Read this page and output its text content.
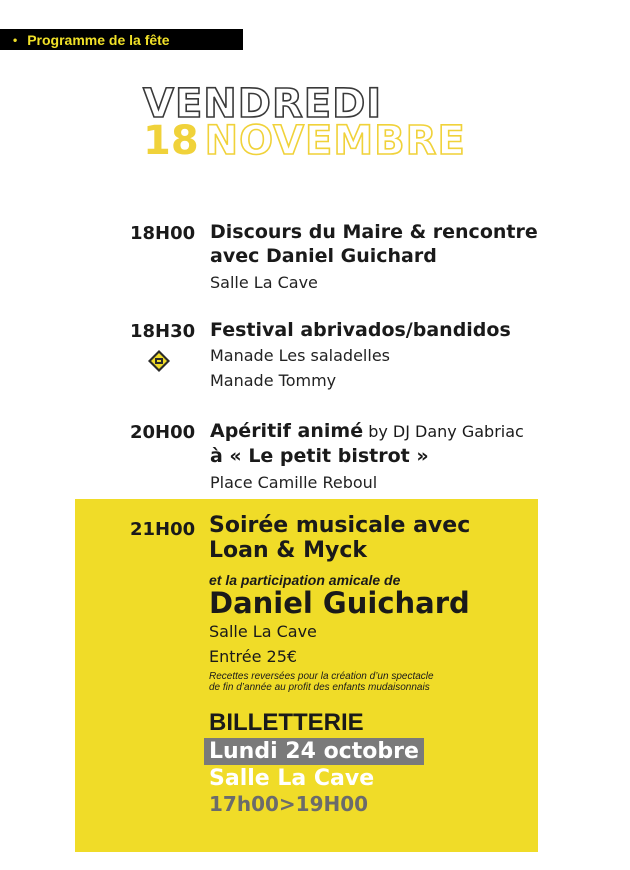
• Programme de la fête
VENDREDI
18 NOVEMBRE
18H00 Discours du Maire & rencontre
avec Daniel Guichard
Salle La Cave
18H30 Festival abrivados/bandidos
Manade Les saladelles
Manade Tommy
20H00 Apéritif animé by DJ Dany Gabriac
à « Le petit bistrot »
Place Camille Reboul
21H00 Soirée musicale avec
Loan & Myck
et la participation amicale de
Daniel Guichard
Salle La Cave
Entrée 25€
Recettes reversées pour la création d’un spectacle
de fin d’année au profit des enfants mudaisonnais
BILLETTERIE
Lundi 24 octobre
Salle La Cave
17h00>19H00
